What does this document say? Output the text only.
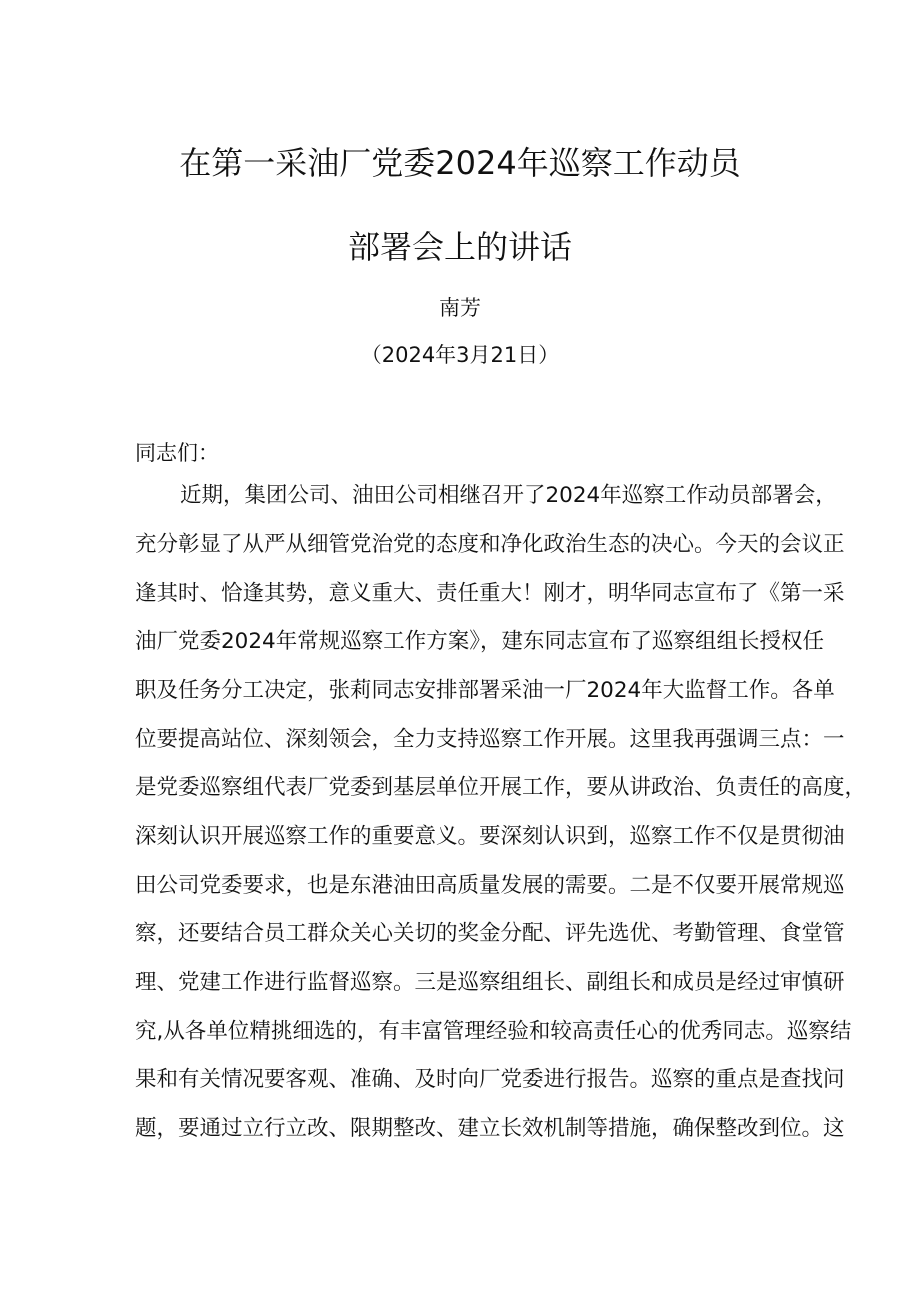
在第一采油厂党委2024年巡察工作动员
部署会上的讲话
南芳
（2024年3月21日）
同志们：
近期，集团公司、油田公司相继召开了2024年巡察工作动员部署会，
充分彰显了从严从细管党治党的态度和净化政治生态的决心。今天的会议正
逢其时、恰逢其势，意义重大、责任重大！刚才，明华同志宣布了《第一采
油厂党委2024年常规巡察工作方案》，建东同志宣布了巡察组组长授权任
职及任务分工决定，张莉同志安排部署采油一厂2024年大监督工作。各单
位要提高站位、深刻领会，全力支持巡察工作开展。这里我再强调三点：一
是党委巡察组代表厂党委到基层单位开展工作，要从讲政治、负责任的高度，
深刻认识开展巡察工作的重要意义。要深刻认识到，巡察工作不仅是贯彻油
田公司党委要求，也是东港油田高质量发展的需要。二是不仅要开展常规巡
察，还要结合员工群众关心关切的奖金分配、评先选优、考勤管理、食堂管
理、党建工作进行监督巡察。三是巡察组组长、副组长和成员是经过审慎研
究,从各单位精挑细选的，有丰富管理经验和较高责任心的优秀同志。巡察结
果和有关情况要客观、准确、及时向厂党委进行报告。巡察的重点是查找问
题，要通过立行立改、限期整改、建立长效机制等措施，确保整改到位。这
